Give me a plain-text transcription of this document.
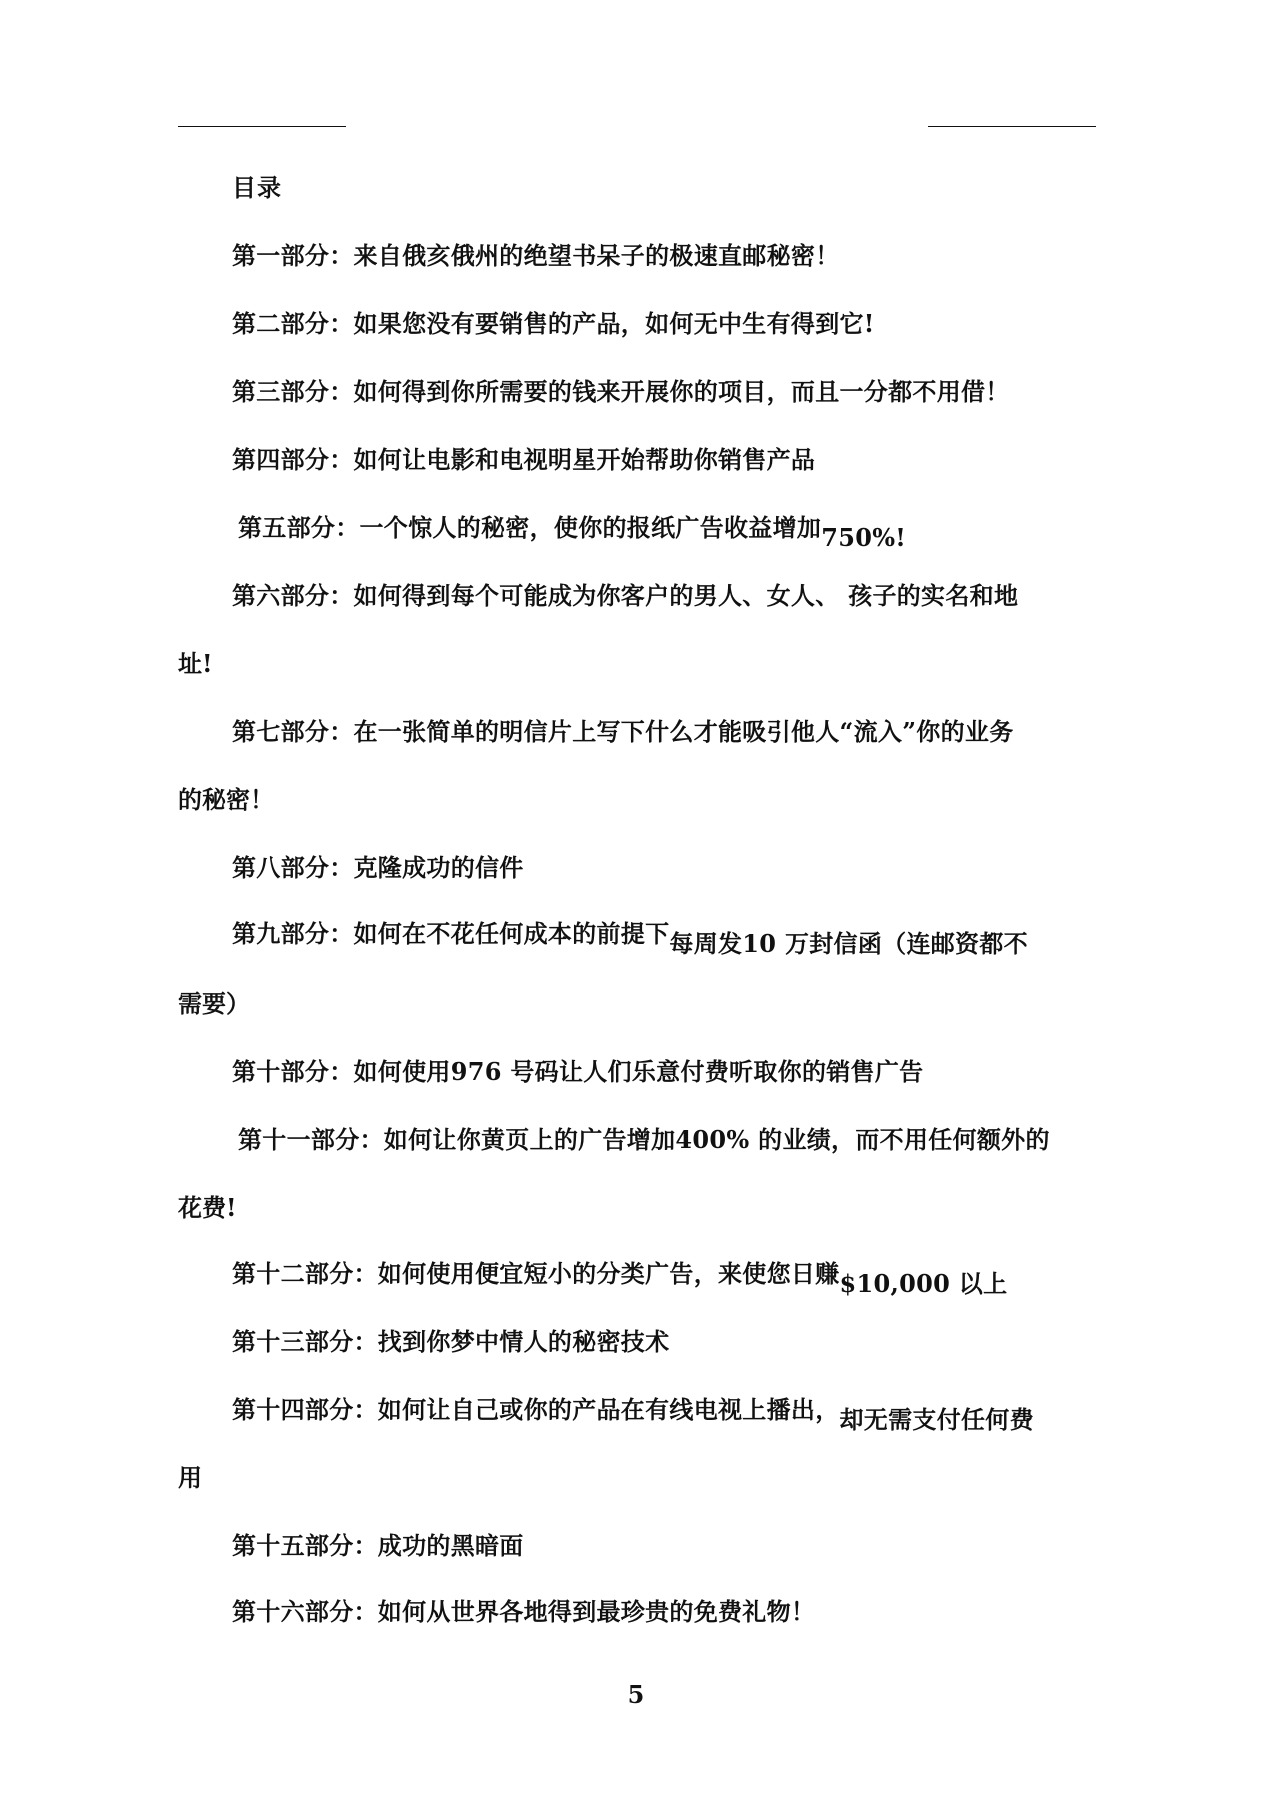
目录
第一部分：来自俄亥俄州的绝望书呆子的极速直邮秘密！
第二部分：如果您没有要销售的产品，如何无中生有得到它!
第三部分：如何得到你所需要的钱来开展你的项目，而且一分都不用借！
第四部分：如何让电影和电视明星开始帮助你销售产品
第五部分：一个惊人的秘密，使你的报纸广告收益增加750%!
第六部分：如何得到每个可能成为你客户的男人、女人、 孩子的实名和地
址!
第七部分：在一张简单的明信片上写下什么才能吸引他人“流入”你的业务
的秘密！
第八部分：克隆成功的信件
第九部分：如何在不花任何成本的前提下每周发10 万封信函（连邮资都不
需要）
第十部分：如何使用976 号码让人们乐意付费听取你的销售广告
第十一部分：如何让你黄页上的广告增加400% 的业绩，而不用任何额外的
花费!
第十二部分：如何使用便宜短小的分类广告，来使您日赚$10,000 以上
第十三部分：找到你梦中情人的秘密技术
第十四部分：如何让自己或你的产品在有线电视上播出，却无需支付任何费
用
第十五部分：成功的黑暗面
第十六部分：如何从世界各地得到最珍贵的免费礼物！
5
